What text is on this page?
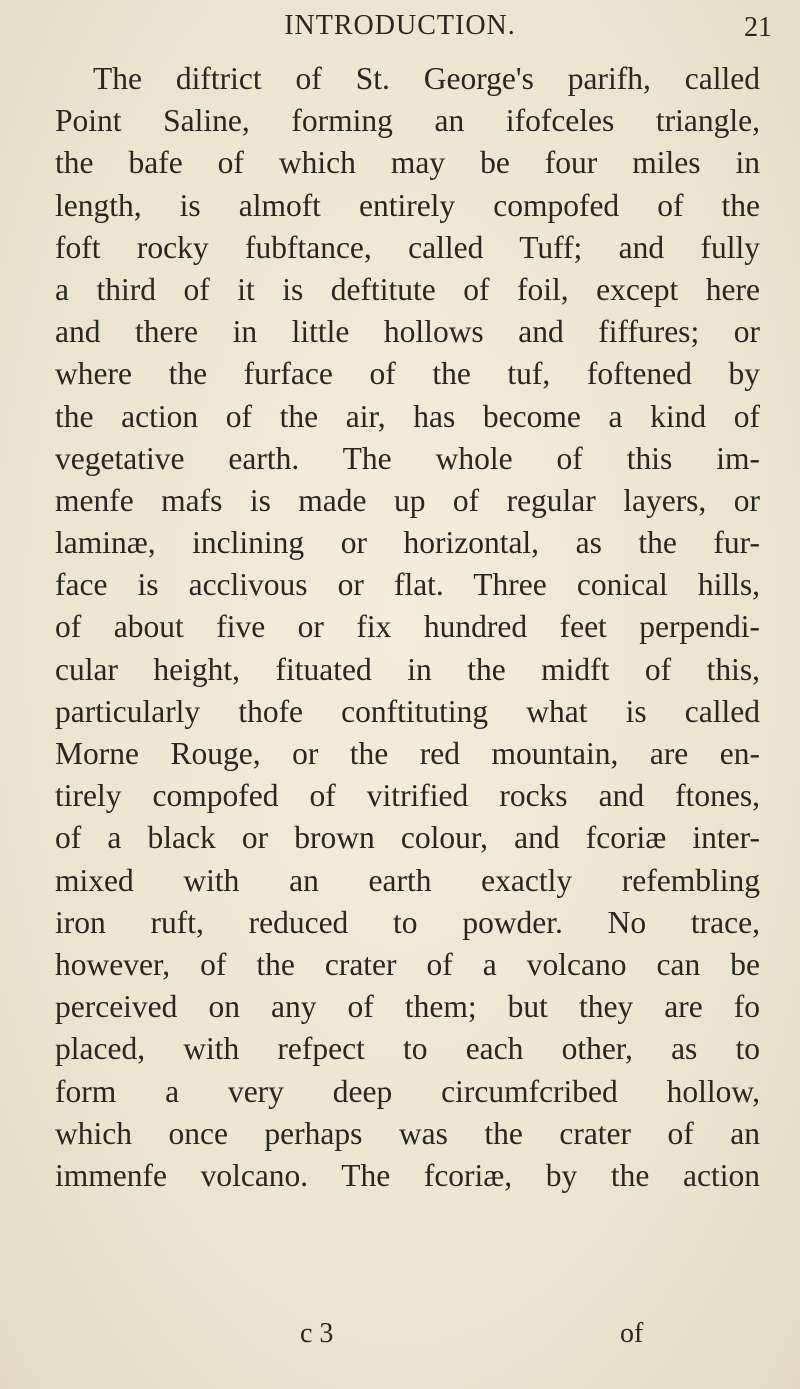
INTRODUCTION.	21
The diftrict of St. George's parifh, called
Point Saline, forming an ifofceles triangle,
the bafe of which may be four miles in
length, is almoft entirely compofed of the
foft rocky fubftance, called Tuff; and fully
a third of it is deftitute of foil, except here
and there in little hollows and fiffures; or
where the furface of the tuf, foftened by
the action of the air, has become a kind of
vegetative earth. The whole of this im-
menfe mafs is made up of regular layers, or
laminæ, inclining or horizontal, as the fur-
face is acclivous or flat. Three conical hills,
of about five or fix hundred feet perpendi-
cular height, fituated in the midft of this,
particularly thofe conftituting what is called
Morne Rouge, or the red mountain, are en-
tirely compofed of vitrified rocks and ftones,
of a black or brown colour, and fcoriæ inter-
mixed with an earth exactly refembling
iron ruft, reduced to powder. No trace,
however, of the crater of a volcano can be
perceived on any of them; but they are fo
placed, with refpect to each other, as to
form a very deep circumfcribed hollow,
which once perhaps was the crater of an
immenfe volcano. The fcoriæ, by the action
c 3	of
